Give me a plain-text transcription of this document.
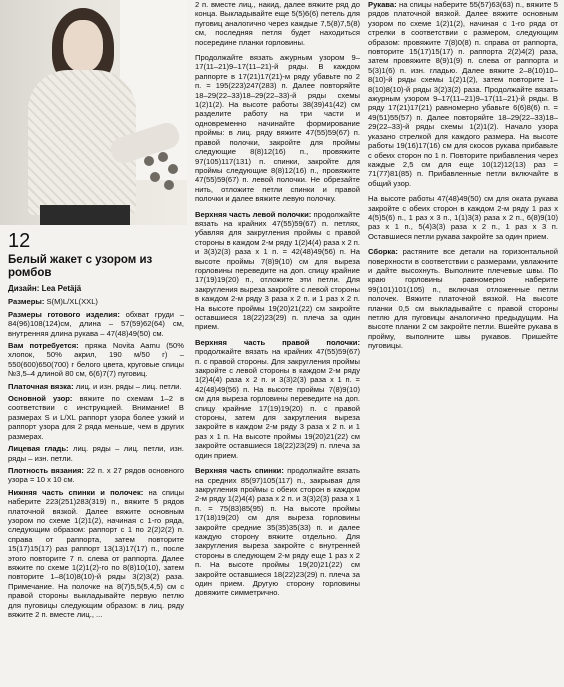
12
Белый жакет с узором из ромбов
Дизайн: Lea Petäjä

Размеры: S(M)L/XL(XXL)

Размеры готового изделия: обхват груди – 84(96)108(124)см, длина – 57(59)62(64) см, внутренняя длина рукава – 47(48)49(50) см.

Вам потребуется: пряжа Novita Aamu (50% хлопок, 50% акрил, 190 м/50 г) – 550(600)650(700) г белого цвета, круговые спицы №3,5–4 длиной 80 см, 6(6)7(7) пуговиц.

Платочная вязка: лиц. и изн. ряды – лиц. петли.

Основной узор: вяжите по схемам 1–2 в соответствии с инструкцией. Внимание! В размерах S и L/XL раппорт узора более узкий и раппорт узора для 2 ряда меньше, чем в других размерах.

Лицевая гладь: лиц. ряды – лиц. петли, изн. ряды – изн. петли.

Плотность вязания: 22 п. х 27 рядов основного узора = 10 х 10 см.

Нижняя часть спинки и полочек: на спицы наберите 223(251)283(319) п., вяжите 5 рядов платочной вязкой. Далее вяжите основным узором по схеме 1(2)1(2), начиная с 1-го ряда, следующим образом: раппорт с 1 по 2(2)2(2) п. справа от раппорта, затем повторите 15(17)15(17) раз раппорт 13(13)17(17) п., после этого повторите 7 п. слева от раппорта. Далее вяжите по схеме 1(2)1(2)-го по 8(8)10(10), затем повторите 1–8(10)8(10)-й ряды 3(2)3(2) раза. Примечание. На полочке на 8(7)5,5(5,4,5) см с правой стороны выкладывайте первую петлю для пуговицы следующим образом: в лиц. ряду вяжите 2 п. вместе лиц., ...

2 п. вместе лиц., накид, далее вяжите ряд до конца. Выкладывайте еще 5(5)6(6) петель для пуговиц аналогично через каждые 7,5(8)7,5(8) см, последняя петля будет находиться посередине планки горловины.

Продолжайте вязать ажурным узором 9–17(11–21)9–17(11–21)-й ряды. В каждом раппорте в 17(21)17(21)-м ряду убавьте по 2 п. = 195(223)247(283) п. Далее повторяйте 18–29(22–33)18–29(22–33)-й ряды схемы 1(2)1(2). На высоте работы 38(39)41(42) см разделите работу на три части и одновременно начинайте формирование проймы: в лиц. ряду вяжите 47(55)59(67) п. правой полочки, закройте для проймы следующие 8(8)12(16) п., провяжите 97(105)117(131) п. спинки, закройте для проймы следующие 8(8)12(16) п., провяжите 47(55)59(67) п. левой полочки. Не обрезайте нить, отложите петли спинки и правой полочки и далее вяжите левую полочку.

Верхняя часть левой полочки: продолжайте вязать на крайних 47(55)59(67) п. петлях, убавляя для закругления проймы с правой стороны в каждом 2-м ряду 1(2)4(4) раза х 2 п. и 3(3)2(3) раза х 1 п. = 42(48)49(56) п. На высоте проймы 7(8)9(10) см для выреза горловины переведите на доп. спицу крайние 17(19)19(20) п., отложите эти петли. Для закругления выреза закройте с левой стороны в каждом 2-м ряду 3 раза х 2 п. и 1 раз х 2 п. На высоте проймы 19(20)21(22) см закройте оставшиеся 18(22)23(29) п. плеча за один прием.

Верхняя часть правой полочки: продолжайте вязать на крайних 47(55)59(67) п. с правой стороны. Для закругления проймы закройте с левой стороны в каждом 2-м ряду 1(2)4(4) раза х 2 п. и 3(3)2(3) раза х 1 п. = 42(48)49(56) п. На высоте проймы 7(8)9(10) см для выреза горловины переведите на доп. спицу крайние 17(19)19(20) п. с правой стороны, затем для закругления выреза закройте в каждом 2-м ряду 3 раза х 2 п. и 1 раз х 1 п. На высоте проймы 19(20)21(22) см закройте оставшиеся 18(22)23(29) п. плеча за один прием.

Верхняя часть спинки: продолжайте вязать на средних 85(97)105(117) п., закрывая для закругления проймы с обеих сторон в каждом 2-м ряду 1(2)4(4) раза х 2 п. и 3(3)2(3) раза х 1 п. = 75(83)85(95) п. На высоте проймы 17(18)19(20) см для выреза горловины закройте средние 35(35)35(33) п. и далее каждую сторону вяжите отдельно. Для закругления выреза закройте с внутренней стороны в следующем 2-м ряду еще 1 раз х 2 п. На высоте проймы 19(20)21(22) см закройте оставшиеся 18(22)23(29) п. плеча за один прием. Другую сторону горловины довяжите симметрично.

Рукава: на спицы наберите 55(57)63(63) п., вяжите 5 рядов платочной вязкой. Далее вяжите основным узором по схеме 1(2)1(2), начиная с 1-го ряда от стрелки в соответствии с размером, следующим образом: провяжите 7(8)0(8) п. справа от раппорта, повторите 15(17)15(17) п. раппорта 2(2)4(2) раза, затем провяжите 8(9)1(9) п. слева от раппорта и 5(3)1(6) п. изн. гладью. Далее вяжите 2–8(10)10–8(10)-й ряды схемы 1(2)1(2), затем повторите 1–8(10)8(10)-й ряды 3(2)3(2) раза. Продолжайте вязать ажурным узором 9–17(11–21)9–17(11–21)-й ряды. В ряду 17(21)17(21) равномерно убавьте 6(6)8(6) п. = 49(51)55(57) п. Далее повторяйте 18–29(22–33)18–29(22–33)-й ряды схемы 1(2)1(2). Начало узора указано стрелкой для каждого размера. На высоте работы 19(16)17(16) см для скосов рукава прибавьте с обеих сторон по 1 п. Повторите прибавления через каждые 2,5 см для еще 10(12)12(13) раз = 71(77)81(85) п. Прибавленные петли включайте в общий узор.

На высоте работы 47(48)49(50) см для оката рукава закройте с обеих сторон в каждом 2-м ряду 1 раз х 4(5)5(6) п., 1 раз х 3 п., 1(1)3(3) раза х 2 п., 6(8)9(10) раз х 1 п., 5(4)3(3) раза х 2 п., 1 раз х 3 п. Оставшиеся петли рукава закройте за один прием.

Сборка: растяните все детали на горизонтальной поверхности в соответствии с размерами, увлажните и дайте высохнуть. Выполните плечевые швы. По краю горловины равномерно наберите 99(101)101(105) п., включая отложенные петли полочек. Вяжите платочной вязкой. На высоте планки 0,5 см выкладывайте с правой стороны петлю для пуговицы аналогично предыдущим. На высоте планки 2 см закройте петли. Вшейте рукава в пройму, выполните швы рукавов. Пришейте пуговицы.
